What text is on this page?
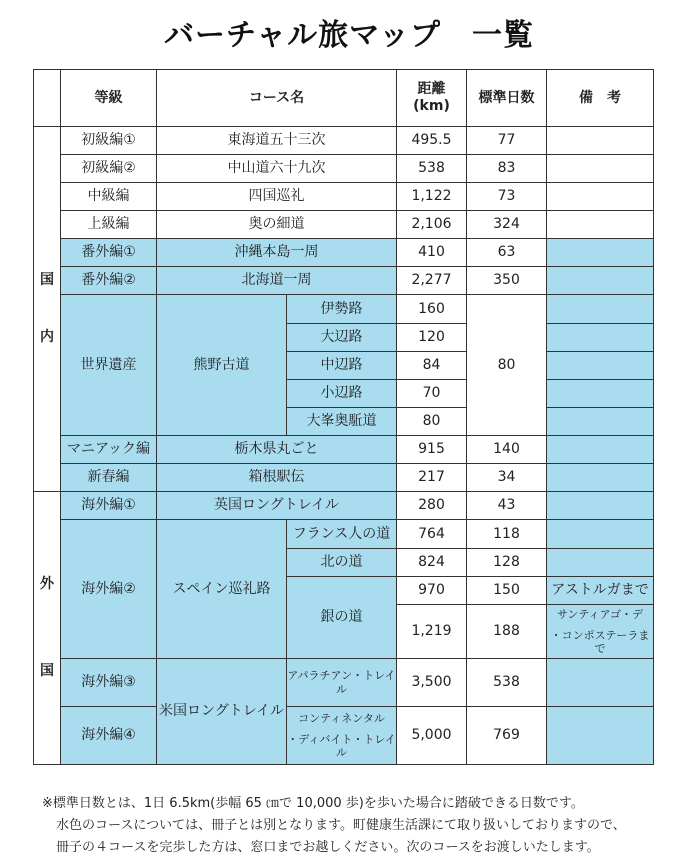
バーチャル旅マップ　一覧
	等級	コース名		距離
(km)	標準日数	備　考

国
内	初級編①	東海道五十三次		495.5	77	
	初級編②	中山道六十九次		538	83	
	中級編	四国巡礼		1,122	73	
	上級編	奥の細道		2,106	324	
	番外編①	沖縄本島一周		410	63	
	番外編②	北海道一周		2,277	350	
	世界遺産	熊野古道	伊勢路	160	80	
			大辺路	120		
			中辺路	84		
			小辺路	70		
			大峯奥駈道	80		
	マニアック編	栃木県丸ごと		915	140	
	新春編	箱根駅伝		217	34	

外
国	海外編①	英国ロングトレイル		280	43	
	海外編②	スペイン巡礼路	フランス人の道	764	118	
			北の道	824	128	
			銀の道	970	150	アストルガまで
				1,219	188	サンティアゴ・デ
・コンポステーラまで

	海外編③	米国ロングトレイル	アパラチアン・トレイル	3,500	538	
	海外編④		コンティネンタル
・ディバイト・トレイル	5,000	769	
※標準日数とは、1日 6.5km(歩幅 65 ㎝で 10,000 歩)を歩いた場合に踏破できる日数です。
水色のコースについては、冊子とは別となります。町健康生活課にて取り扱いしておりますので、
冊子の４コースを完歩した方は、窓口までお越しください。次のコースをお渡しいたします。
